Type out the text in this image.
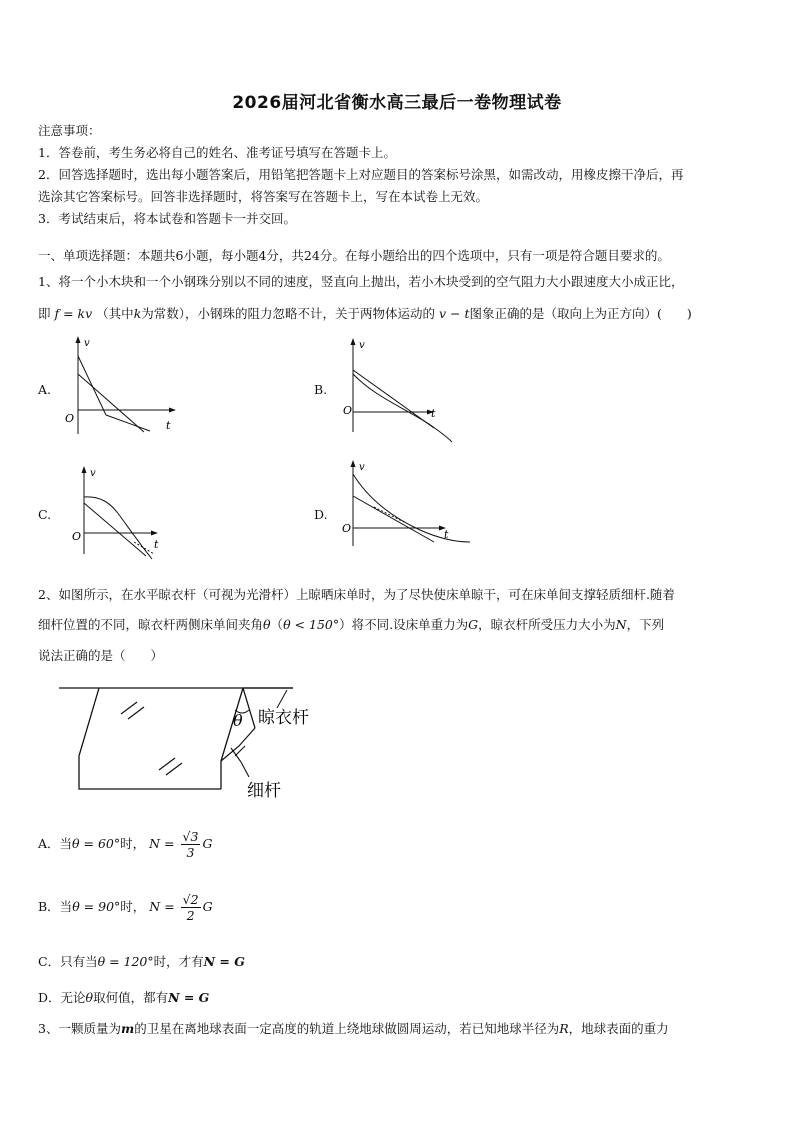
2026届河北省衡水高三最后一卷物理试卷
注意事项：
1．答卷前，考生务必将自己的姓名、准考证号填写在答题卡上。
2．回答选择题时，选出每小题答案后，用铅笔把答题卡上对应题目的答案标号涂黑，如需改动，用橡皮擦干净后，再
选涂其它答案标号。回答非选择题时，将答案写在答题卡上，写在本试卷上无效。
3．考试结束后，将本试卷和答题卡一并交回。
一、单项选择题：本题共6小题，每小题4分，共24分。在每小题给出的四个选项中，只有一项是符合题目要求的。
1、将一个小木块和一个小钢珠分别以不同的速度，竖直向上抛出，若小木块受到的空气阻力大小跟速度大小成正比，
即 f = kv （其中k为常数），小钢珠的阻力忽略不计，关于两物体运动的 v − t图象正确的是（取向上为正方向）(　　)
A.	B.
C.	D.
v
t
O
v
t
O
v
t
O
v
t
O
2、如图所示，在水平晾衣杆（可视为光滑杆）上晾晒床单时，为了尽快使床单晾干，可在床单间支撑轻质细杆.随着
细杆位置的不同，晾衣杆两侧床单间夹角θ（θ < 150°）将不同.设床单重力为G，晾衣杆所受压力大小为N，下列
说法正确的是（　　）
θ 晾衣杆
细杆
A．当θ = 60°时， $N = \frac{√3}{3}$ G
B．当θ = 90°时， $N = \frac{√2}{2}$ G
C．只有当θ = 120°时，才有N = G
D．无论θ取何值，都有N = G
3、一颗质量为m的卫星在离地球表面一定高度的轨道上绕地球做圆周运动，若已知地球半径为R，地球表面的重力
